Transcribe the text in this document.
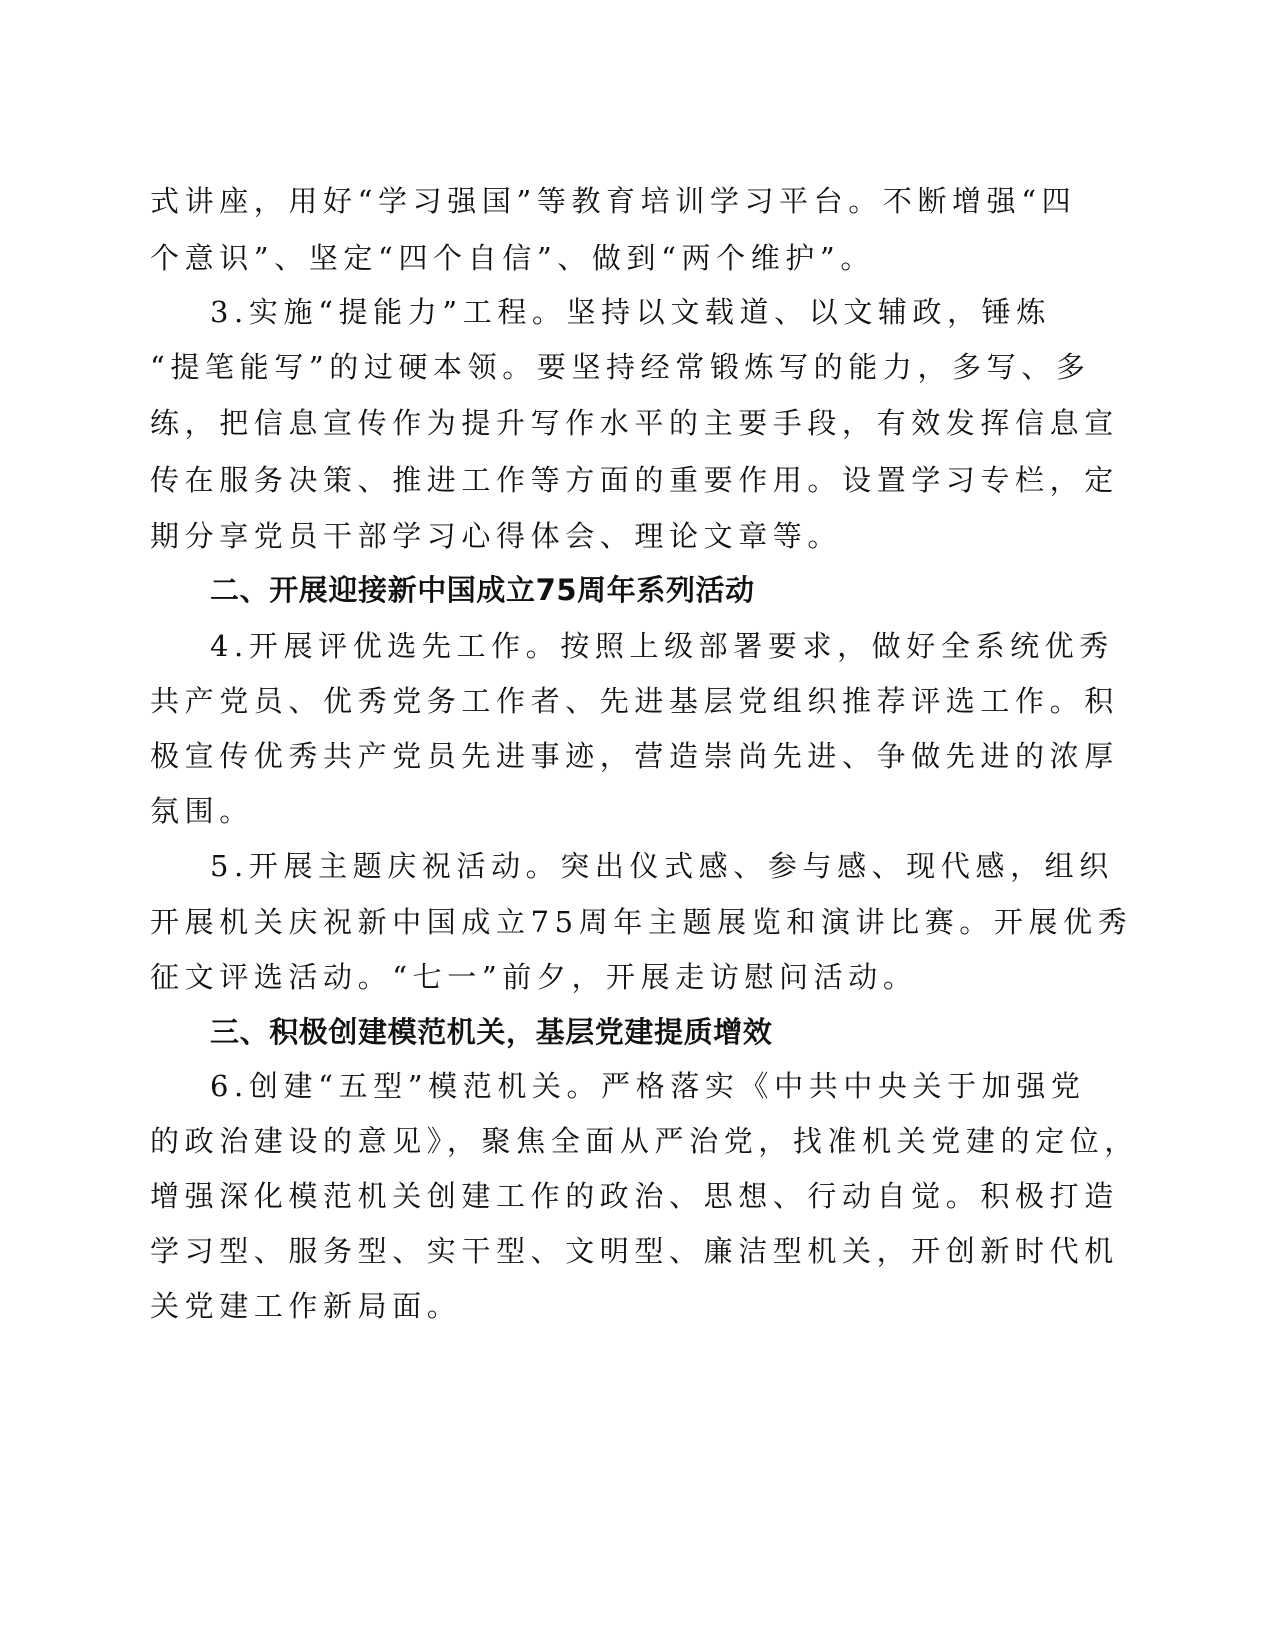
式讲座，用好“学习强国”等教育培训学习平台。不断增强“四
个意识”、坚定“四个自信”、做到“两个维护”。
3.实施“提能力”工程。坚持以文载道、以文辅政，锤炼
“提笔能写”的过硬本领。要坚持经常锻炼写的能力，多写、多
练，把信息宣传作为提升写作水平的主要手段，有效发挥信息宣
传在服务决策、推进工作等方面的重要作用。设置学习专栏，定
期分享党员干部学习心得体会、理论文章等。
二、开展迎接新中国成立75周年系列活动
4.开展评优选先工作。按照上级部署要求，做好全系统优秀
共产党员、优秀党务工作者、先进基层党组织推荐评选工作。积
极宣传优秀共产党员先进事迹，营造崇尚先进、争做先进的浓厚
氛围。
5.开展主题庆祝活动。突出仪式感、参与感、现代感，组织
开展机关庆祝新中国成立75周年主题展览和演讲比赛。开展优秀
征文评选活动。“七一”前夕，开展走访慰问活动。
三、积极创建模范机关，基层党建提质增效
6.创建“五型”模范机关。严格落实《中共中央关于加强党
的政治建设的意见》，聚焦全面从严治党，找准机关党建的定位，
增强深化模范机关创建工作的政治、思想、行动自觉。积极打造
学习型、服务型、实干型、文明型、廉洁型机关，开创新时代机
关党建工作新局面。
